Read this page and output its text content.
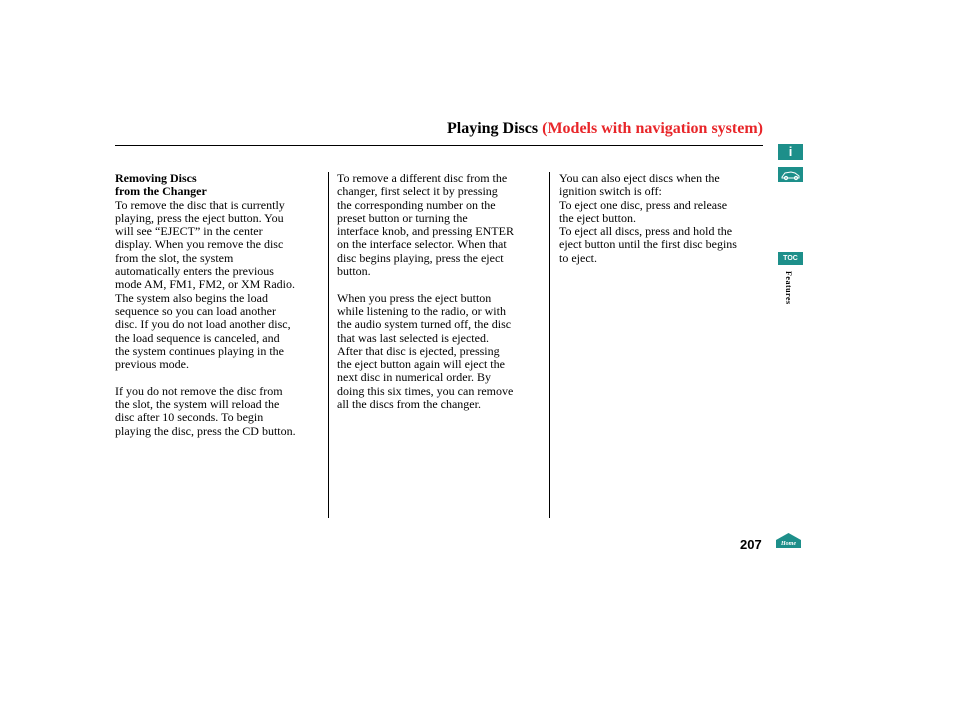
Playing Discs (Models with navigation system)

Removing Discs

from the Changer

To remove the disc that is currently

playing, press the eject button. You

will see “EJECT” in the center

display. When you remove the disc

from the slot, the system

automatically enters the previous

mode AM, FM1, FM2, or XM Radio.

The system also begins the load

sequence so you can load another

disc. If you do not load another disc,

the load sequence is canceled, and

the system continues playing in the

previous mode.

If you do not remove the disc from

the slot, the system will reload the

disc after 10 seconds. To begin

playing the disc, press the CD button.

To remove a different disc from the

changer, first select it by pressing

the corresponding number on the

preset button or turning the

interface knob, and pressing ENTER

on the interface selector. When that

disc begins playing, press the eject

button.

When you press the eject button

while listening to the radio, or with

the audio system turned off, the disc

that was last selected is ejected.

After that disc is ejected, pressing

the eject button again will eject the

next disc in numerical order. By

doing this six times, you can remove

all the discs from the changer.

You can also eject discs when the

ignition switch is off:

To eject one disc, press and release

the eject button.

To eject all discs, press and hold the

eject button until the first disc begins

to eject.

i
TOC
Features
207	Home
